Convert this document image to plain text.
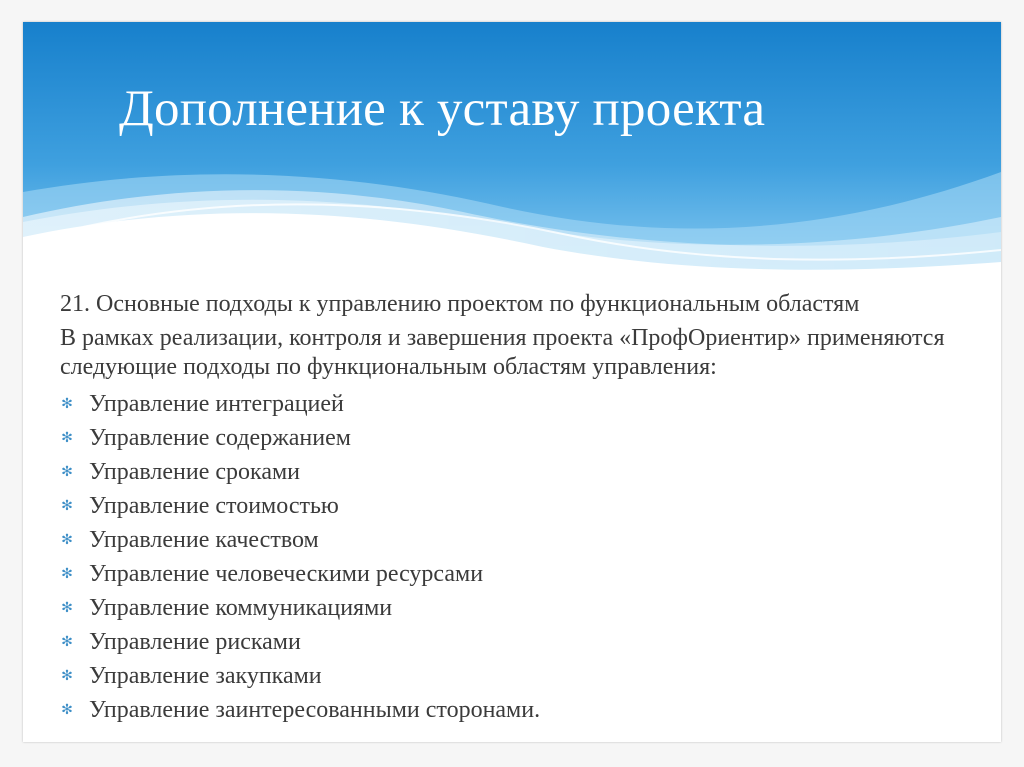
Дополнение к уставу проекта

21. Основные подходы к управлению проектом по функциональным областям

В рамках реализации, контроля и завершения проекта «ПрофОриентир» применяются следующие подходы по функциональным областям управления:

✻ Управление интеграцией
✻ Управление содержанием
✻ Управление сроками
✻ Управление стоимостью
✻ Управление качеством
✻ Управление человеческими ресурсами
✻ Управление коммуникациями
✻ Управление рисками
✻ Управление закупками
✻ Управление заинтересованными сторонами.
